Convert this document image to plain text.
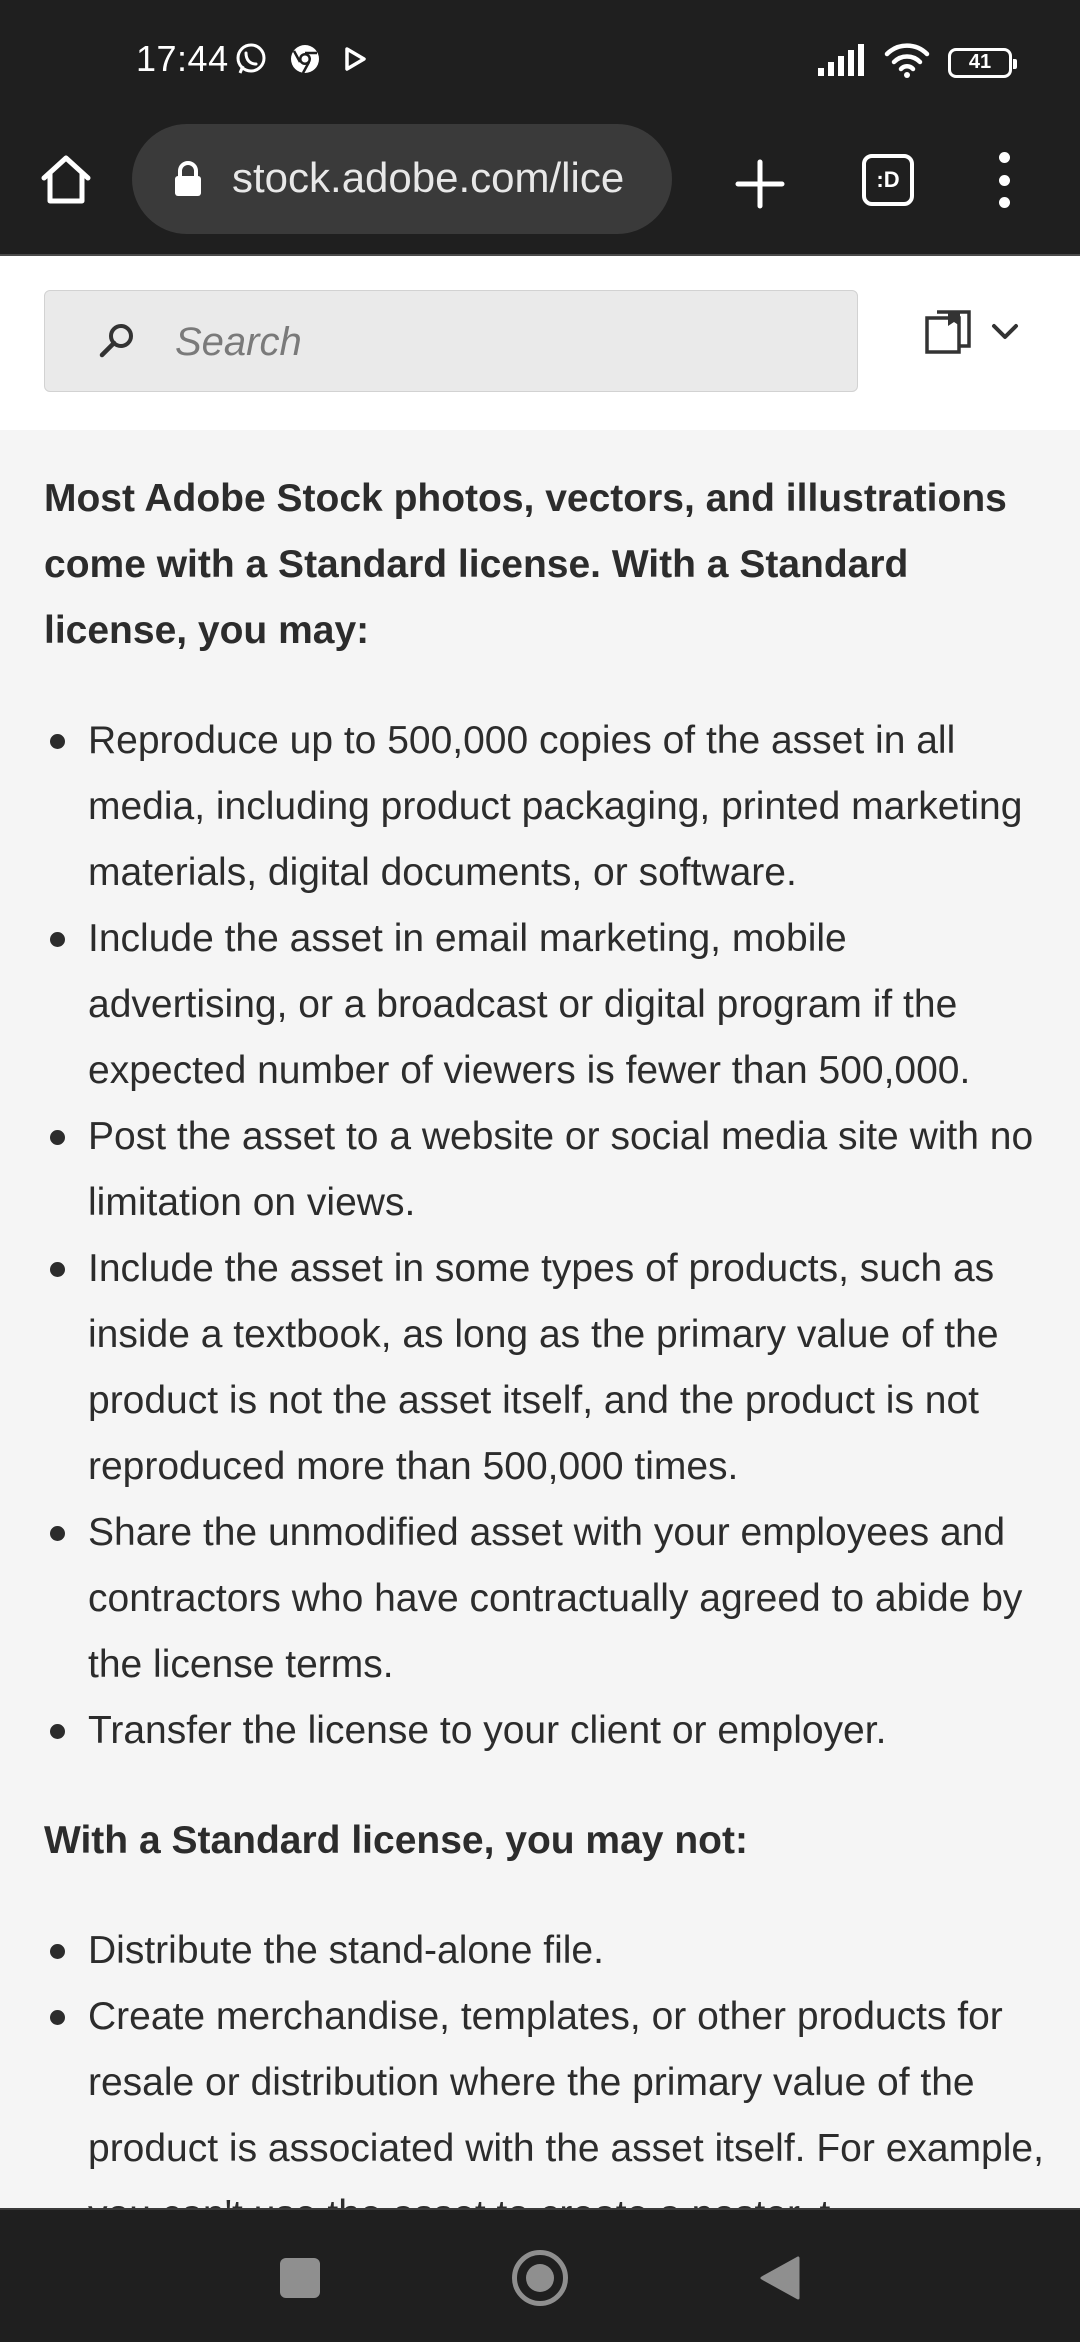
17:44	41
stock.adobe.com/lice	:D
Search

Most Adobe Stock photos, vectors, and illustrations come with a Standard license. With a Standard license, you may:

Reproduce up to 500,000 copies of the asset in all media, including product packaging, printed marketing materials, digital documents, or software.
Include the asset in email marketing, mobile advertising, or a broadcast or digital program if the expected number of viewers is fewer than 500,000.
Post the asset to a website or social media site with no limitation on views.
Include the asset in some types of products, such as inside a textbook, as long as the primary value of the product is not the asset itself, and the product is not reproduced more than 500,000 times.
Share the unmodified asset with your employees and contractors who have contractually agreed to abide by the license terms.
Transfer the license to your client or employer.

With a Standard license, you may not:

Distribute the stand-alone file.
Create merchandise, templates, or other products for resale or distribution where the primary value of the product is associated with the asset itself. For example,
